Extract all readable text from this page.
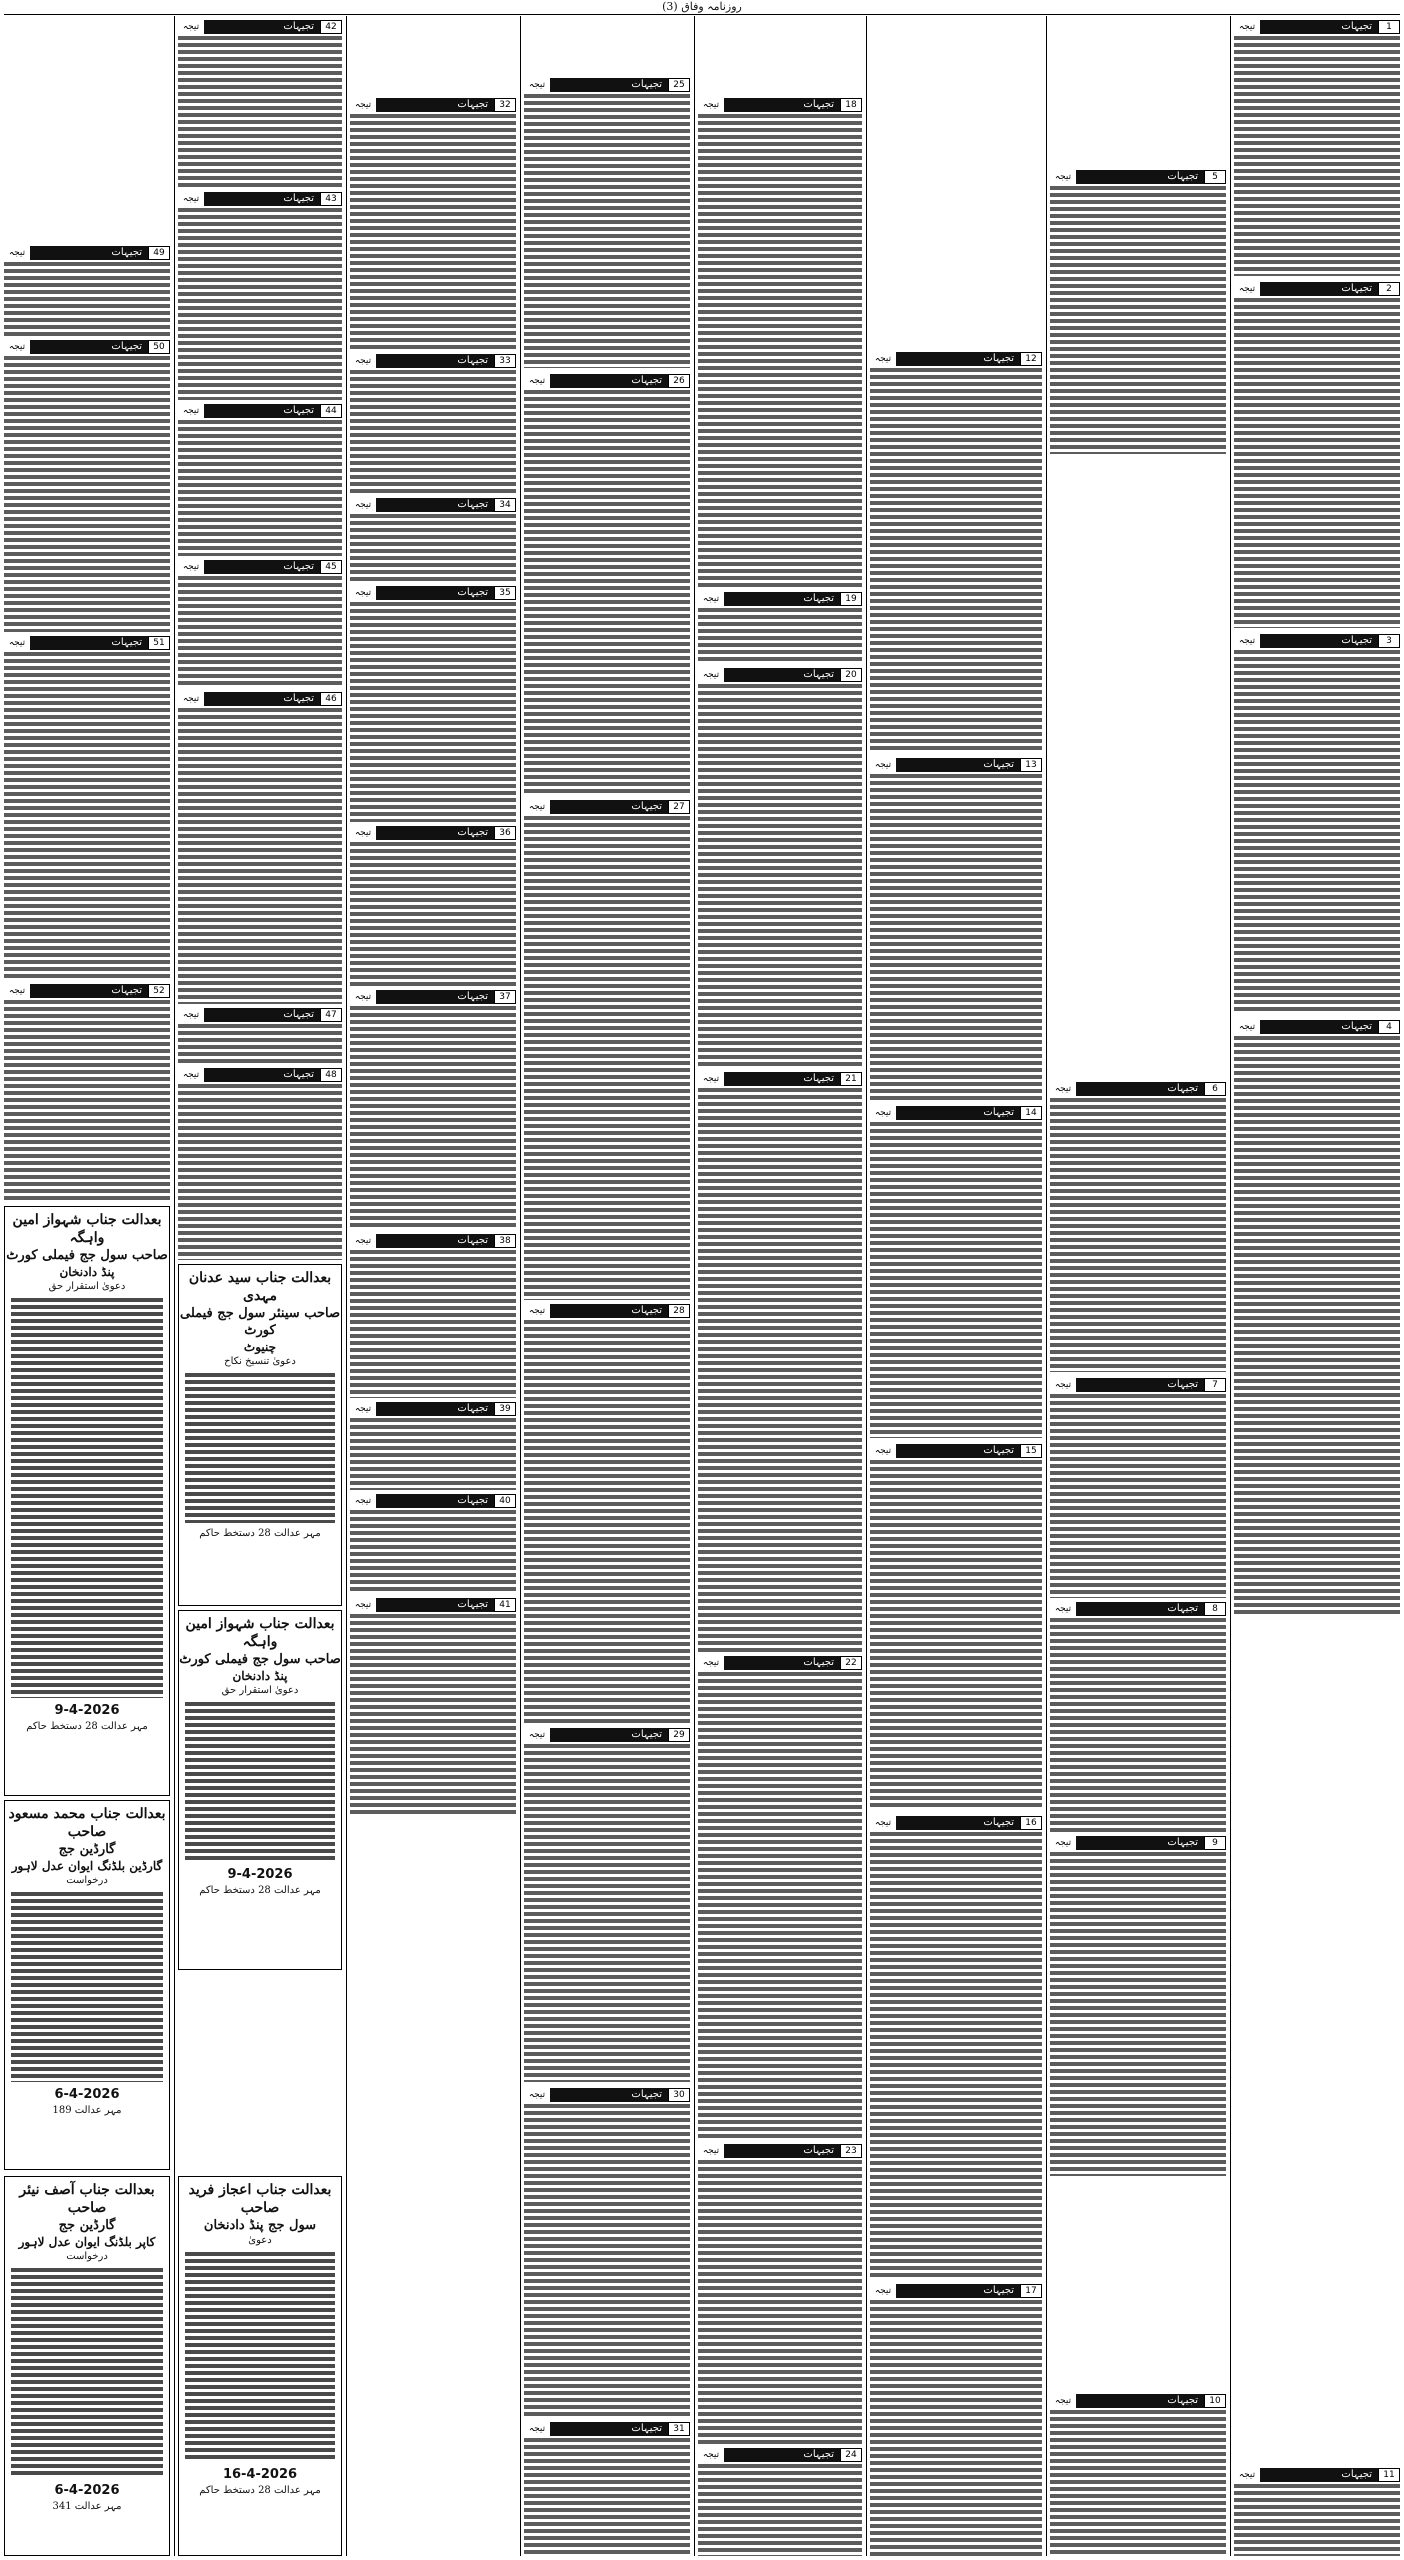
روزنامہ وفاق (3)
1
تجیہات
تیجہ
2
تجیہات
تیجہ
3
تجیہات
تیجہ
4
تجیہات
تیجہ
5
تجیہات
تیجہ
6
تجیہات
تیجہ
7
تجیہات
تیجہ
8
تجیہات
تیجہ
9
تجیہات
تیجہ
10
تجیہات
تیجہ
11
تجیہات
تیجہ
12
تجیہات
تیجہ
13
تجیہات
تیجہ
14
تجیہات
تیجہ
15
تجیہات
تیجہ
16
تجیہات
تیجہ
17
تجیہات
تیجہ
18
تجیہات
تیجہ
19
تجیہات
تیجہ
20
تجیہات
تیجہ
21
تجیہات
تیجہ
22
تجیہات
تیجہ
23
تجیہات
تیجہ
24
تجیہات
تیجہ
25
تجیہات
تیجہ
26
تجیہات
تیجہ
27
تجیہات
تیجہ
28
تجیہات
تیجہ
29
تجیہات
تیجہ
30
تجیہات
تیجہ
31
تجیہات
تیجہ
32
تجیہات
تیجہ
33
تجیہات
تیجہ
34
تجیہات
تیجہ
35
تجیہات
تیجہ
36
تجیہات
تیجہ
37
تجیہات
تیجہ
38
تجیہات
تیجہ
39
تجیہات
تیجہ
40
تجیہات
تیجہ
41
تجیہات
تیجہ
42
تجیہات
تیجہ
43
تجیہات
تیجہ
44
تجیہات
تیجہ
45
تجیہات
تیجہ
46
تجیہات
تیجہ
47
تجیہات
تیجہ
48
تجیہات
تیجہ
49
تجیہات
تیجہ
50
تجیہات
تیجہ
51
تجیہات
تیجہ
52
تجیہات
تیجہ
بعدالت جناب سید عدنان مہدی
صاحب سینئر سول جج فیملی کورٹ
چنیوٹ
دعویٰ تنسیخ نکاح
مہر عدالت 28 دستخط حاکم
بعدالت جناب شہواز امین واہگہ
صاحب سول جج فیملی کورٹ
پنڈ دادنخان
دعویٰ استقرار حق
9-4-2026
مہر عدالت 28 دستخط حاکم
بعدالت جناب شہواز امین واہگہ
صاحب سول جج فیملی کورٹ
پنڈ دادنخان
دعویٰ استقرار حق
9-4-2026
مہر عدالت 28 دستخط حاکم
بعدالت جناب محمد مسعود صاحب
گارڈین جج
گارڈین بلڈنگ ایوان عدل لاہور
درخواست
6-4-2026
مہر عدالت 189
بعدالت جناب اعجاز فرید صاحب
سول جج پنڈ دادنخان
دعویٰ
16-4-2026
مہر عدالت 28 دستخط حاکم
بعدالت جناب آصف نیئر صاحب
گارڈین جج
کاپر بلڈنگ ایوان عدل لاہور
درخواست
6-4-2026
مہر عدالت 341
